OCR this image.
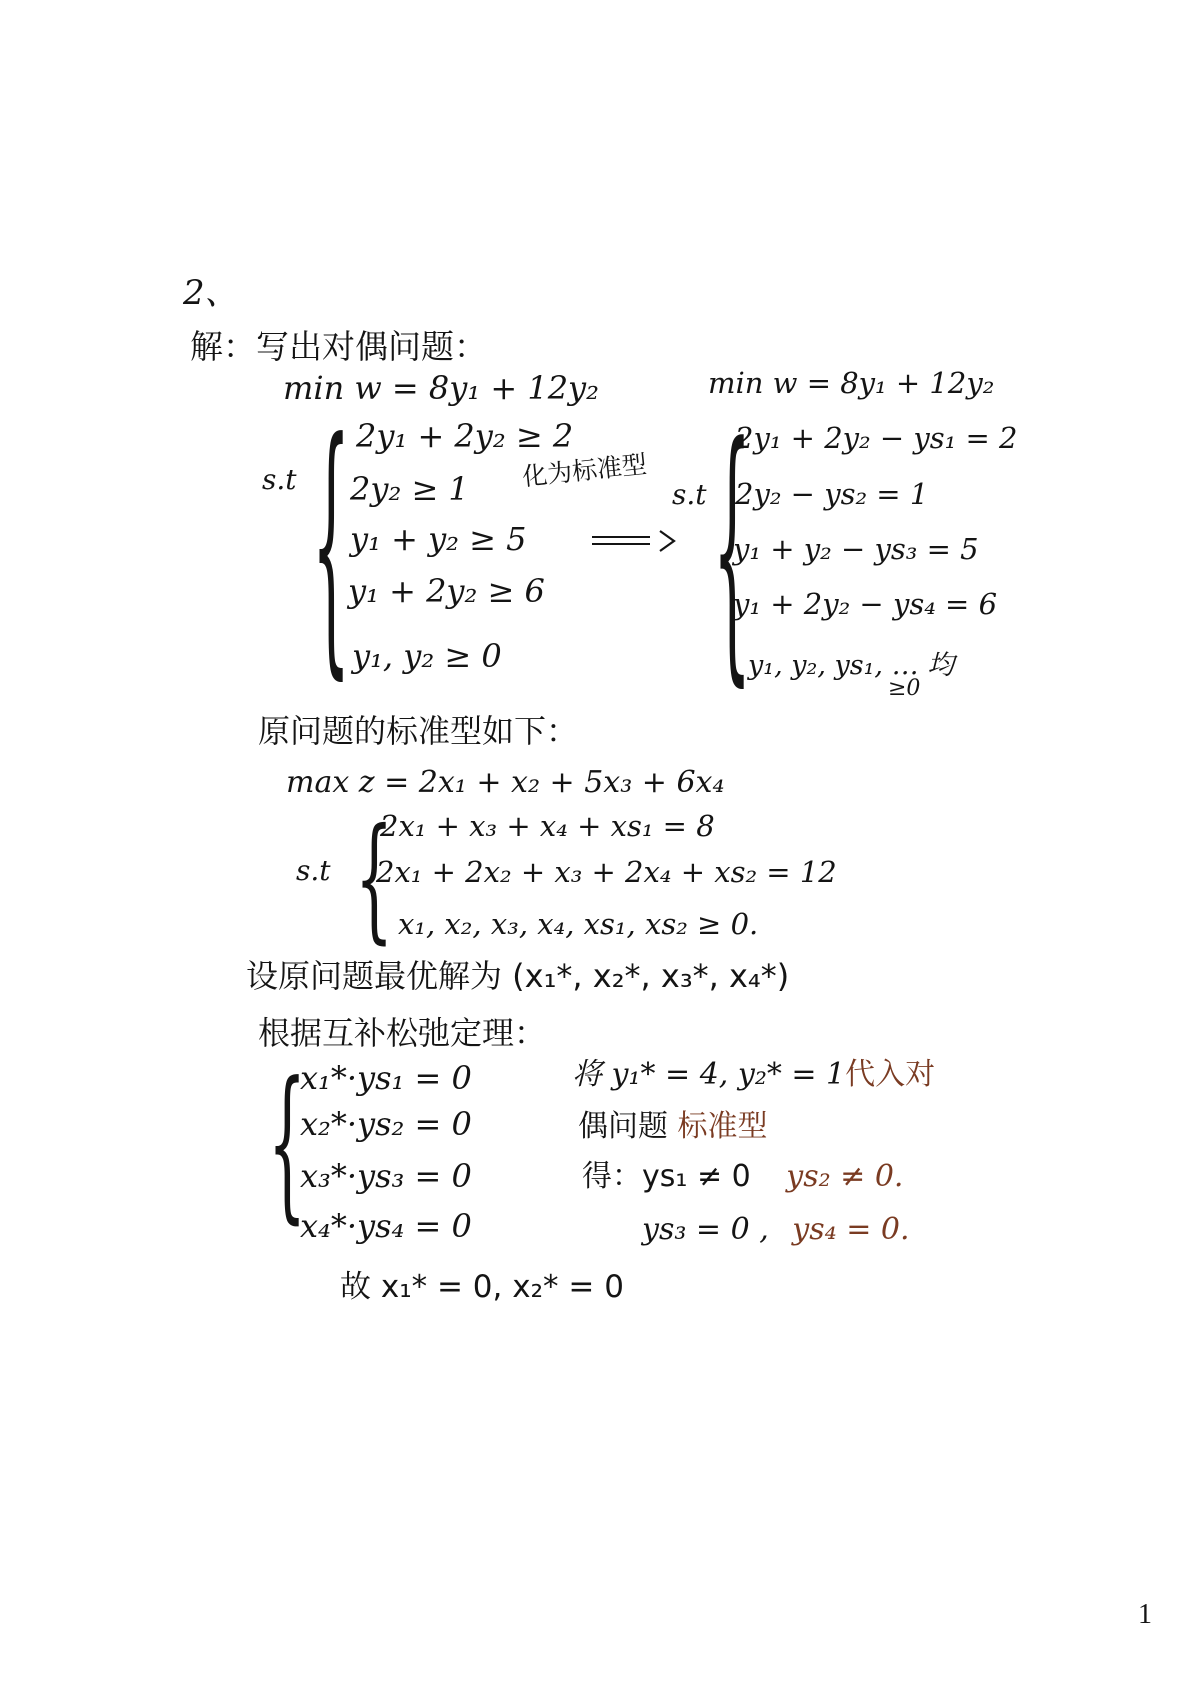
2、
解：写出对偶问题：
min w = 8y₁ + 12y₂
s.t { 2y₁ + 2y₂ ≥ 2
2y₂ ≥ 1
y₁ + y₂ ≥ 5
y₁ + 2y₂ ≥ 6
y₁, y₂ ≥ 0
化为标准型
min w = 8y₁ + 12y₂
s.t {
2y₁ + 2y₂ − ys₁ = 2
2y₂ − ys₂ = 1
y₁ + y₂ − ys₃ = 5
y₁ + 2y₂ − ys₄ = 6
y₁, y₂, ys₁, … 均
≥0
原问题的标准型如下：
max z = 2x₁ + x₂ + 5x₃ + 6x₄
s.t {
2x₁ + x₃ + x₄ + xs₁ = 8
2x₁ + 2x₂ + x₃ + 2x₄ + xs₂ = 12
x₁, x₂, x₃, x₄, xs₁, xs₂ ≥ 0.
设原问题最优解为 (x₁*, x₂*, x₃*, x₄*)
根据互补松弛定理：
{
x₁*·ys₁ = 0
x₂*·ys₂ = 0
x₃*·ys₃ = 0
x₄*·ys₄ = 0
将 y₁* = 4, y₂* = 1代入对
偶问题 标准型
得：ys₁ ≠ 0 ys₂ ≠ 0.
ys₃ = 0 , ys₄ = 0.
故 x₁* = 0, x₂* = 0
1
